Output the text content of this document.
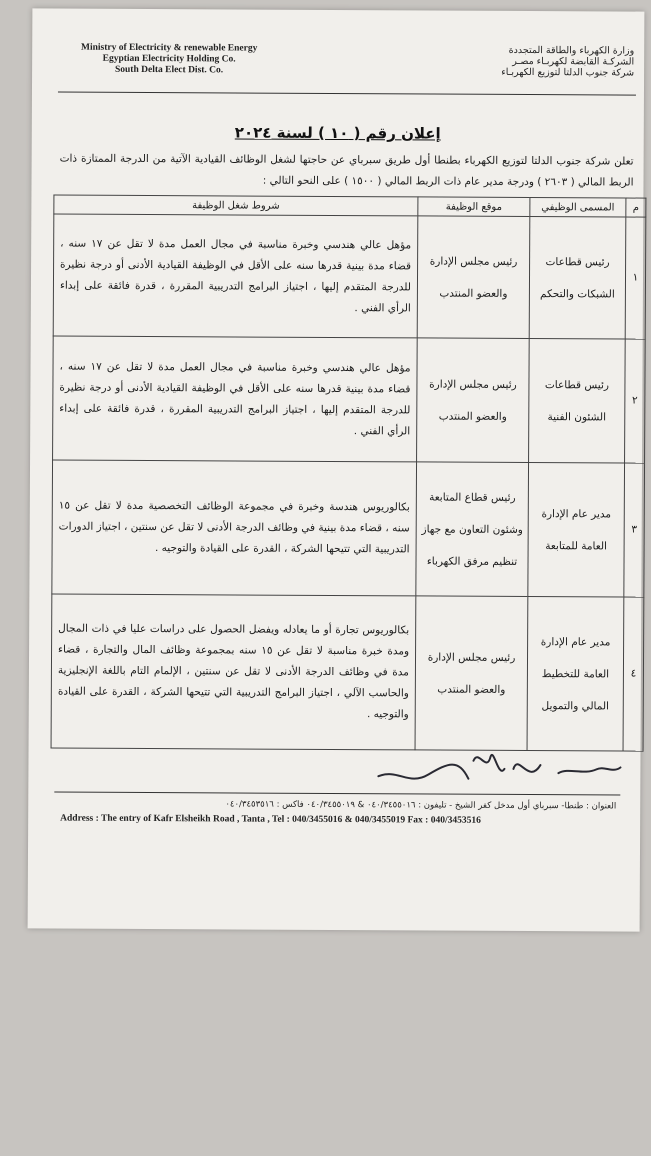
Ministry of Electricity & renewable Energy
Egyptian Electricity Holding Co.
South Delta Elect Dist. Co.
وزارة الكهرباء والطاقة المتجددة
الشركـة القابضة لكهربـاء مصـر
شركة جنوب الدلتا لتوزيع الكهربـاء
إعلان رقم ( ١٠ ) لسنة ٢٠٢٤
تعلن شركة جنوب الدلتا لتوزيع الكهرباء بطنطا أول طريق سبرباي عن حاجتها لشغل الوظائف القيادية الآتية من الدرجة الممتازة ذات الربط المالي ( ٢٦٠٣ ) ودرجة مدير عام ذات الربط المالي ( ١٥٠٠ ) على النحو التالي :
م	المسمى الوظيفي	موقع الوظيفة	شروط شغل الوظيفة
١	رئيس قطاعات الشبكات والتحكم	رئيس مجلس الإدارة والعضو المنتدب	مؤهل عالي هندسي وخبرة مناسبة في مجال العمل مدة لا تقل عن ١٧ سنه ، قضاء مدة بينية قدرها سنه على الأقل في الوظيفة القيادية الأدنى أو درجة نظيرة للدرجة المتقدم إليها ، اجتياز البرامج التدريبية المقررة ، قدرة فائقة على إبداء الرأي الفني .
٢	رئيس قطاعات الشئون الفنية	رئيس مجلس الإدارة والعضو المنتدب	مؤهل عالي هندسي وخبرة مناسبة في مجال العمل مدة لا تقل عن ١٧ سنه ، قضاء مدة بينية قدرها سنه على الأقل في الوظيفة القيادية الأدنى أو درجة نظيرة للدرجة المتقدم إليها ، اجتياز البرامج التدريبية المقررة ، قدرة فائقة على إبداء الرأي الفني .
٣	مدير عام الإدارة العامة للمتابعة	رئيس قطاع المتابعة وشئون التعاون مع جهاز تنظيم مرفق الكهرباء	بكالوريوس هندسة وخبرة في مجموعة الوظائف التخصصية مدة لا تقل عن ١٥ سنه ، قضاء مدة بينية في وظائف الدرجة الأدنى لا تقل عن سنتين ، اجتياز الدورات التدريبية التي تتيحها الشركة ، القدرة على القيادة والتوجيه .
٤	مدير عام الإدارة العامة للتخطيط المالي والتمويل	رئيس مجلس الإدارة والعضو المنتدب	بكالوريوس تجارة أو ما يعادله ويفضل الحصول على دراسات عليا في ذات المجال ومدة خبرة مناسبة لا تقل عن ١٥ سنه بمجموعة وظائف المال والتجارة ، قضاء مدة في وظائف الدرجة الأدنى لا تقل عن سنتين ، الإلمام التام باللغة الإنجليزية والحاسب الآلي ، اجتياز البرامج التدريبية التي تتيحها الشركة ، القدرة على القيادة والتوجيه .
العنوان : طنطا- سبرباي أول مدخل كفر الشيخ - تليفون : ٠٤٠/٣٤٥٥٠١٦ & ٠٤٠/٣٤٥٥٠١٩ فاكس : ٠٤٠/٣٤٥٣٥١٦
Address : The entry of Kafr Elsheikh Road , Tanta , Tel : 040/3455016 & 040/3455019 Fax : 040/3453516
